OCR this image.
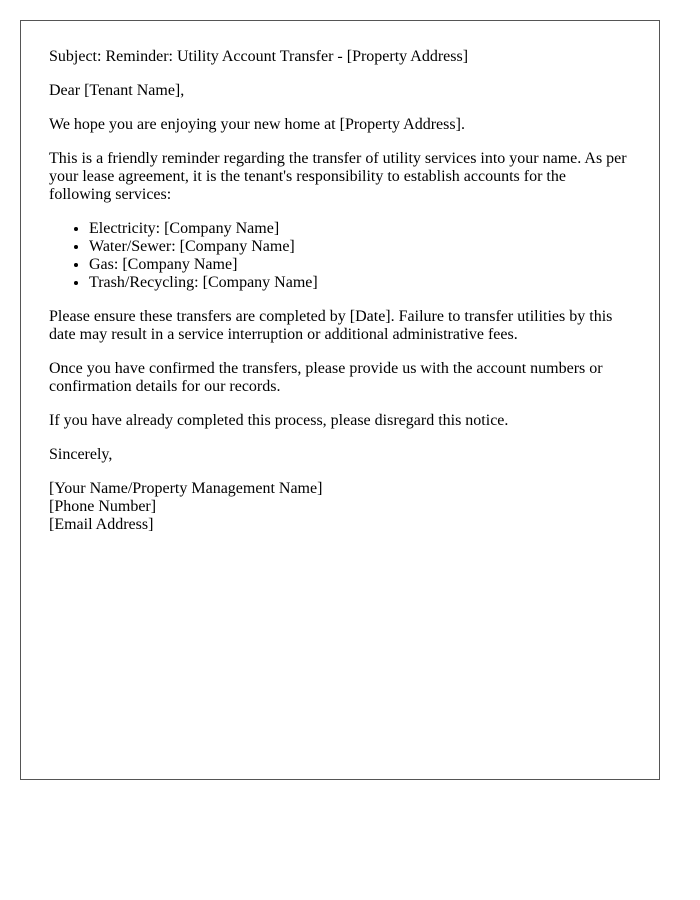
Subject: Reminder: Utility Account Transfer - [Property Address]

Dear [Tenant Name],

We hope you are enjoying your new home at [Property Address].

This is a friendly reminder regarding the transfer of utility services into your name. As per your lease agreement, it is the tenant's responsibility to establish accounts for the following services:

• Electricity: [Company Name]
• Water/Sewer: [Company Name]
• Gas: [Company Name]
• Trash/Recycling: [Company Name]

Please ensure these transfers are completed by [Date]. Failure to transfer utilities by this date may result in a service interruption or additional administrative fees.

Once you have confirmed the transfers, please provide us with the account numbers or confirmation details for our records.

If you have already completed this process, please disregard this notice.

Sincerely,

[Your Name/Property Management Name]

[Phone Number]

[Email Address]
